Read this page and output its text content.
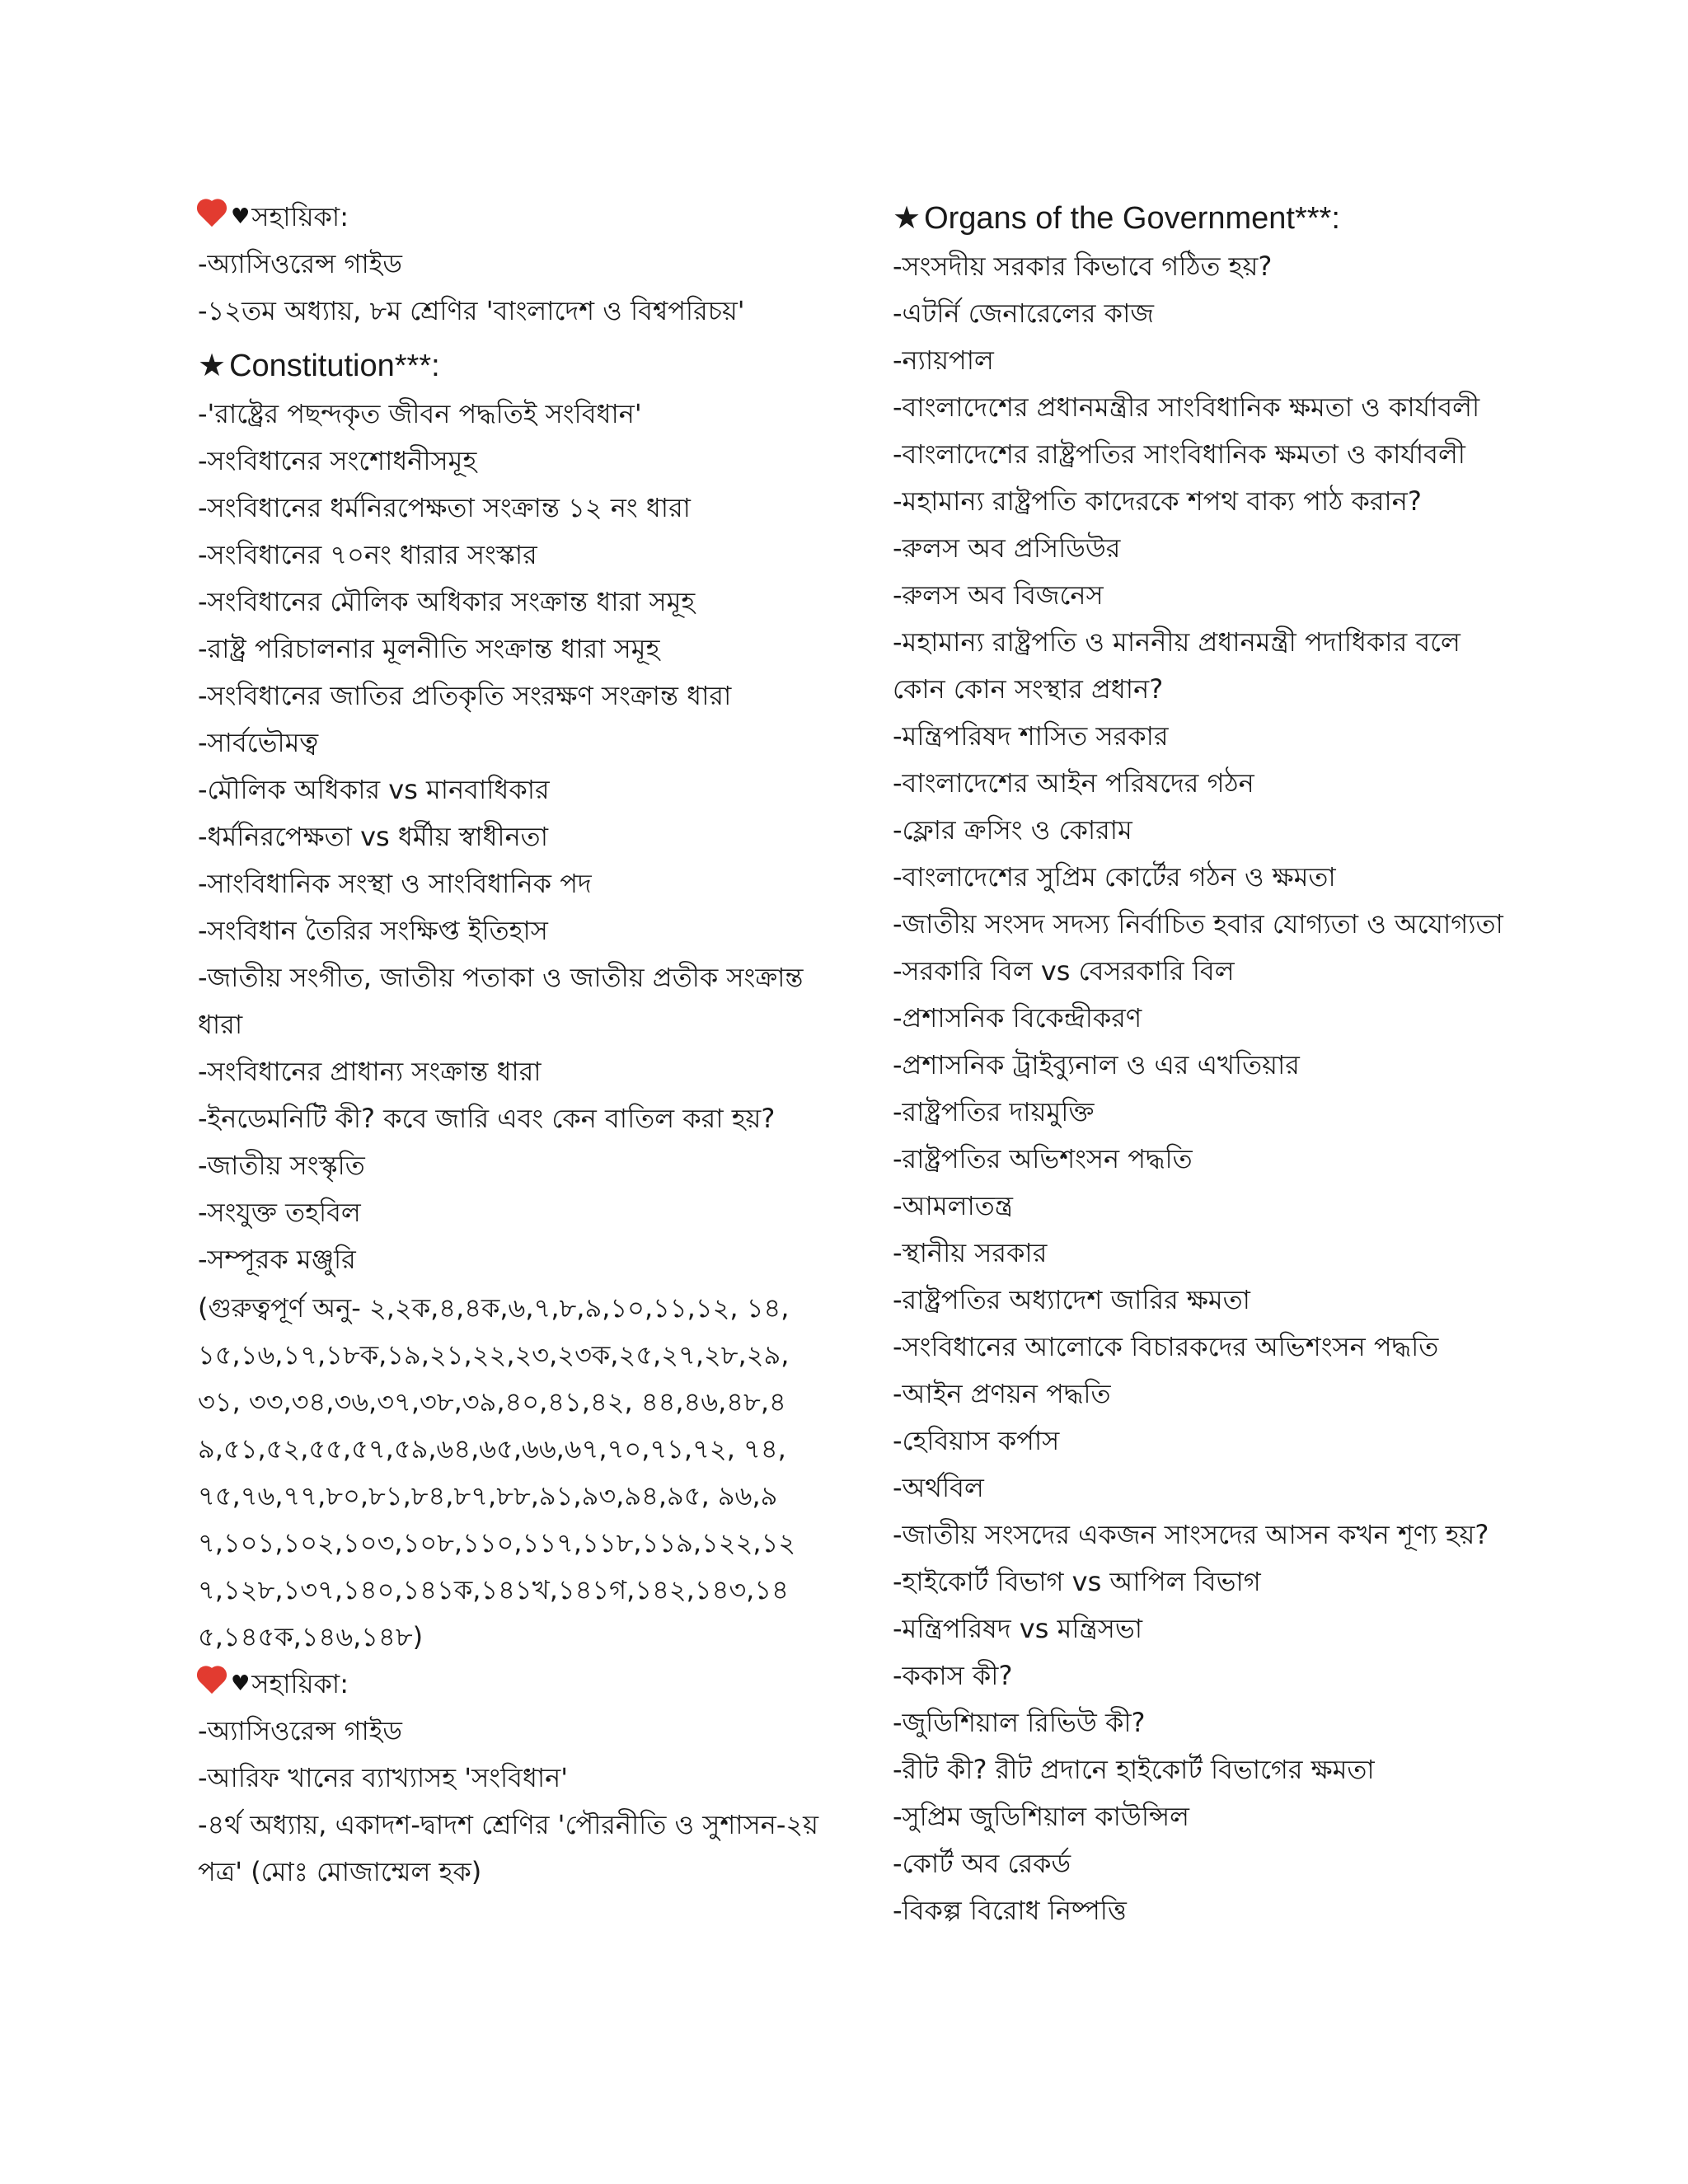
♥ সহায়িকা:
-অ্যাসিওরেন্স গাইড
-১২তম অধ্যায়, ৮ম শ্রেণির 'বাংলাদেশ ও বিশ্বপরিচয়'
★ Constitution***:
-'রাষ্ট্রের পছন্দকৃত জীবন পদ্ধতিই সংবিধান'
-সংবিধানের সংশোধনীসমূহ
-সংবিধানের ধর্মনিরপেক্ষতা সংক্রান্ত ১২ নং ধারা
-সংবিধানের ৭০নং ধারার সংস্কার
-সংবিধানের মৌলিক অধিকার সংক্রান্ত ধারা সমূহ
-রাষ্ট্র পরিচালনার মূলনীতি সংক্রান্ত ধারা সমূহ
-সংবিধানের জাতির প্রতিকৃতি সংরক্ষণ সংক্রান্ত ধারা
-সার্বভৌমত্ব
-মৌলিক অধিকার vs মানবাধিকার
-ধর্মনিরপেক্ষতা vs ধর্মীয় স্বাধীনতা
-সাংবিধানিক সংস্থা ও সাংবিধানিক পদ
-সংবিধান তৈরির সংক্ষিপ্ত ইতিহাস
-জাতীয় সংগীত, জাতীয় পতাকা ও জাতীয় প্রতীক সংক্রান্ত ধারা
-সংবিধানের প্রাধান্য সংক্রান্ত ধারা
-ইনডেমনিটি কী? কবে জারি এবং কেন বাতিল করা হয়?
-জাতীয় সংস্কৃতি
-সংযুক্ত তহবিল
-সম্পূরক মঞ্জুরি
(গুরুত্বপূর্ণ অনু- ২,২ক,৪,৪ক,৬,৭,৮,৯,১০,১১,১২, ১৪,১৫,১৬,১৭,১৮ক,১৯,২১,২২,২৩,২৩ক,২৫,২৭,২৮,২৯,৩১, ৩৩,৩৪,৩৬,৩৭,৩৮,৩৯,৪০,৪১,৪২, ৪৪,৪৬,৪৮,৪৯,৫১,৫২,৫৫,৫৭,৫৯,৬৪,৬৫,৬৬,৬৭,৭০,৭১,৭২, ৭৪,৭৫,৭৬,৭৭,৮০,৮১,৮৪,৮৭,৮৮,৯১,৯৩,৯৪,৯৫, ৯৬,৯৭,১০১,১০২,১০৩,১০৮,১১০,১১৭,১১৮,১১৯,১২২,১২৭,১২৮,১৩৭,১৪০,১৪১ক,১৪১খ,১৪১গ,১৪২,১৪৩,১৪৫,১৪৫ক,১৪৬,১৪৮)
♥ সহায়িকা:
-অ্যাসিওরেন্স গাইড
-আরিফ খানের ব্যাখ্যাসহ 'সংবিধান'
-৪র্থ অধ্যায়, একাদশ-দ্বাদশ শ্রেণির 'পৌরনীতি ও সুশাসন-২য় পত্র' (মোঃ মোজাম্মেল হক)
★ Organs of the Government***:
-সংসদীয় সরকার কিভাবে গঠিত হয়?
-এটর্নি জেনারেলের কাজ
-ন্যায়পাল
-বাংলাদেশের প্রধানমন্ত্রীর সাংবিধানিক ক্ষমতা ও কার্যাবলী
-বাংলাদেশের রাষ্ট্রপতির সাংবিধানিক ক্ষমতা ও কার্যাবলী
-মহামান্য রাষ্ট্রপতি কাদেরকে শপথ বাক্য পাঠ করান?
-রুলস অব প্রসিডিউর
-রুলস অব বিজনেস
-মহামান্য রাষ্ট্রপতি ও মাননীয় প্রধানমন্ত্রী পদাধিকার বলে কোন কোন সংস্থার প্রধান?
-মন্ত্রিপরিষদ শাসিত সরকার
-বাংলাদেশের আইন পরিষদের গঠন
-ফ্লোর ক্রসিং ও কোরাম
-বাংলাদেশের সুপ্রিম কোর্টের গঠন ও ক্ষমতা
-জাতীয় সংসদ সদস্য নির্বাচিত হবার যোগ্যতা ও অযোগ্যতা
-সরকারি বিল vs বেসরকারি বিল
-প্রশাসনিক বিকেন্দ্রীকরণ
-প্রশাসনিক ট্রাইব্যুনাল ও এর এখতিয়ার
-রাষ্ট্রপতির দায়মুক্তি
-রাষ্ট্রপতির অভিশংসন পদ্ধতি
-আমলাতন্ত্র
-স্থানীয় সরকার
-রাষ্ট্রপতির অধ্যাদেশ জারির ক্ষমতা
-সংবিধানের আলোকে বিচারকদের অভিশংসন পদ্ধতি
-আইন প্রণয়ন পদ্ধতি
-হেবিয়াস কর্পাস
-অর্থবিল
-জাতীয় সংসদের একজন সাংসদের আসন কখন শূণ্য হয়?
-হাইকোর্ট বিভাগ vs আপিল বিভাগ
-মন্ত্রিপরিষদ vs মন্ত্রিসভা
-ককাস কী?
-জুডিশিয়াল রিভিউ কী?
-রীট কী? রীট প্রদানে হাইকোর্ট বিভাগের ক্ষমতা
-সুপ্রিম জুডিশিয়াল কাউন্সিল
-কোর্ট অব রেকর্ড
-বিকল্প বিরোধ নিষ্পত্তি
